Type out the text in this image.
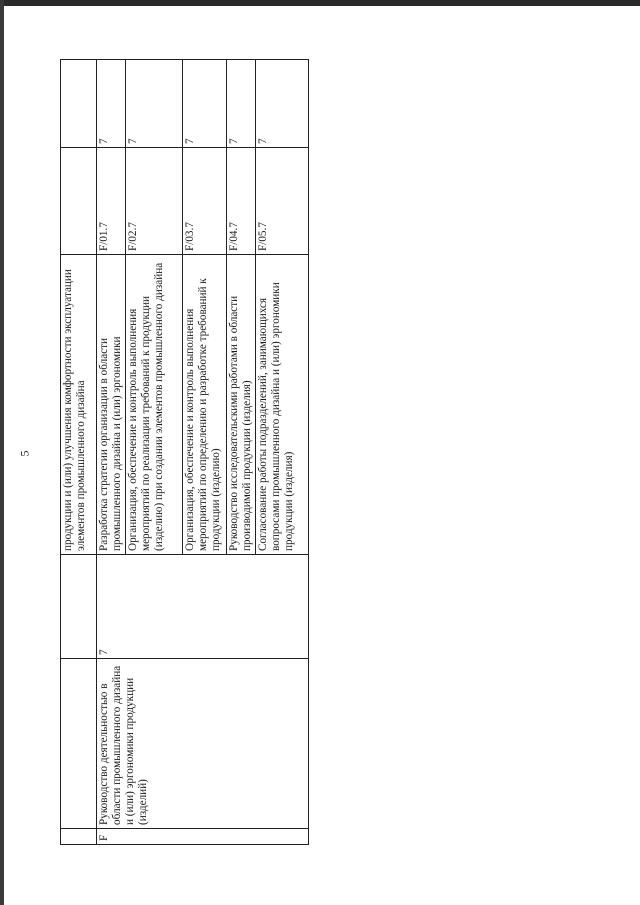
5
				продукции и (или) улучшения комфортности эксплуатации элементов промышленного дизайна		
F	Руководство деятельностью в области промышленного дизайна и (или) эргономики продукции (изделий)	7	Разработка стратегии организации в области промышленного дизайна и (или) эргономики	F/01.7	7
			Организация, обеспечение и контроль выполнения мероприятий по реализации требований к продукции (изделию) при создании элементов промышленного дизайна	F/02.7	7
			Организация, обеспечение и контроль выполнения мероприятий по определению и разработке требований к продукции (изделию)	F/03.7	7
			Руководство исследовательскими работами в области производимой продукции (изделия)	F/04.7	7
			Согласование работы подразделений, занимающихся вопросами промышленного дизайна и (или) эргономики продукции (изделия)	F/05.7	7
